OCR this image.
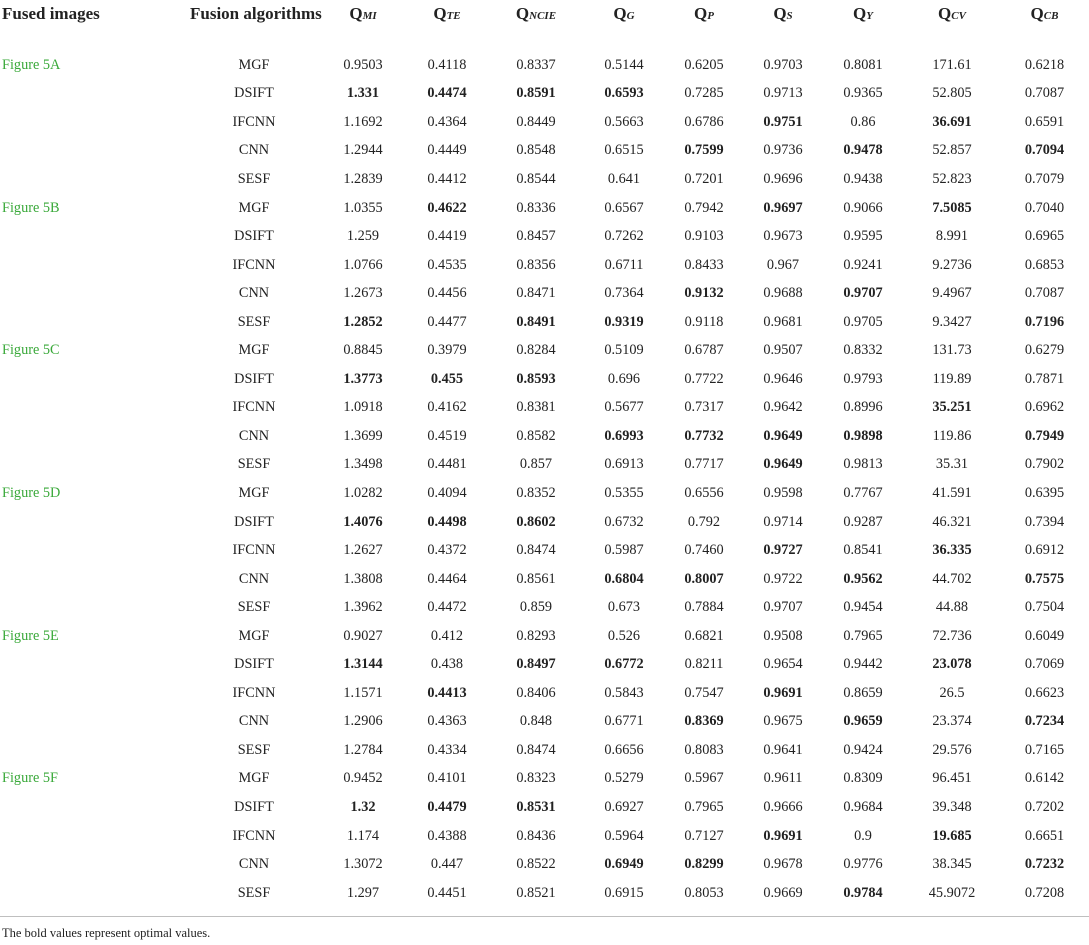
Fused images	Fusion algorithms	QMI	QTE	QNCIE	QG	QP	QS	QY	QCV	QCB
Figure 5A	MGF	0.9503	0.4118	0.8337	0.5144	0.6205	0.9703	0.8081	171.61	0.6218
	DSIFT	1.331	0.4474	0.8591	0.6593	0.7285	0.9713	0.9365	52.805	0.7087
	IFCNN	1.1692	0.4364	0.8449	0.5663	0.6786	0.9751	0.86	36.691	0.6591
	CNN	1.2944	0.4449	0.8548	0.6515	0.7599	0.9736	0.9478	52.857	0.7094
	SESF	1.2839	0.4412	0.8544	0.641	0.7201	0.9696	0.9438	52.823	0.7079
Figure 5B	MGF	1.0355	0.4622	0.8336	0.6567	0.7942	0.9697	0.9066	7.5085	0.7040
	DSIFT	1.259	0.4419	0.8457	0.7262	0.9103	0.9673	0.9595	8.991	0.6965
	IFCNN	1.0766	0.4535	0.8356	0.6711	0.8433	0.967	0.9241	9.2736	0.6853
	CNN	1.2673	0.4456	0.8471	0.7364	0.9132	0.9688	0.9707	9.4967	0.7087
	SESF	1.2852	0.4477	0.8491	0.9319	0.9118	0.9681	0.9705	9.3427	0.7196
Figure 5C	MGF	0.8845	0.3979	0.8284	0.5109	0.6787	0.9507	0.8332	131.73	0.6279
	DSIFT	1.3773	0.455	0.8593	0.696	0.7722	0.9646	0.9793	119.89	0.7871
	IFCNN	1.0918	0.4162	0.8381	0.5677	0.7317	0.9642	0.8996	35.251	0.6962
	CNN	1.3699	0.4519	0.8582	0.6993	0.7732	0.9649	0.9898	119.86	0.7949
	SESF	1.3498	0.4481	0.857	0.6913	0.7717	0.9649	0.9813	35.31	0.7902
Figure 5D	MGF	1.0282	0.4094	0.8352	0.5355	0.6556	0.9598	0.7767	41.591	0.6395
	DSIFT	1.4076	0.4498	0.8602	0.6732	0.792	0.9714	0.9287	46.321	0.7394
	IFCNN	1.2627	0.4372	0.8474	0.5987	0.7460	0.9727	0.8541	36.335	0.6912
	CNN	1.3808	0.4464	0.8561	0.6804	0.8007	0.9722	0.9562	44.702	0.7575
	SESF	1.3962	0.4472	0.859	0.673	0.7884	0.9707	0.9454	44.88	0.7504
Figure 5E	MGF	0.9027	0.412	0.8293	0.526	0.6821	0.9508	0.7965	72.736	0.6049
	DSIFT	1.3144	0.438	0.8497	0.6772	0.8211	0.9654	0.9442	23.078	0.7069
	IFCNN	1.1571	0.4413	0.8406	0.5843	0.7547	0.9691	0.8659	26.5	0.6623
	CNN	1.2906	0.4363	0.848	0.6771	0.8369	0.9675	0.9659	23.374	0.7234
	SESF	1.2784	0.4334	0.8474	0.6656	0.8083	0.9641	0.9424	29.576	0.7165
Figure 5F	MGF	0.9452	0.4101	0.8323	0.5279	0.5967	0.9611	0.8309	96.451	0.6142
	DSIFT	1.32	0.4479	0.8531	0.6927	0.7965	0.9666	0.9684	39.348	0.7202
	IFCNN	1.174	0.4388	0.8436	0.5964	0.7127	0.9691	0.9	19.685	0.6651
	CNN	1.3072	0.447	0.8522	0.6949	0.8299	0.9678	0.9776	38.345	0.7232
	SESF	1.297	0.4451	0.8521	0.6915	0.8053	0.9669	0.9784	45.9072	0.7208
The bold values represent optimal values.
